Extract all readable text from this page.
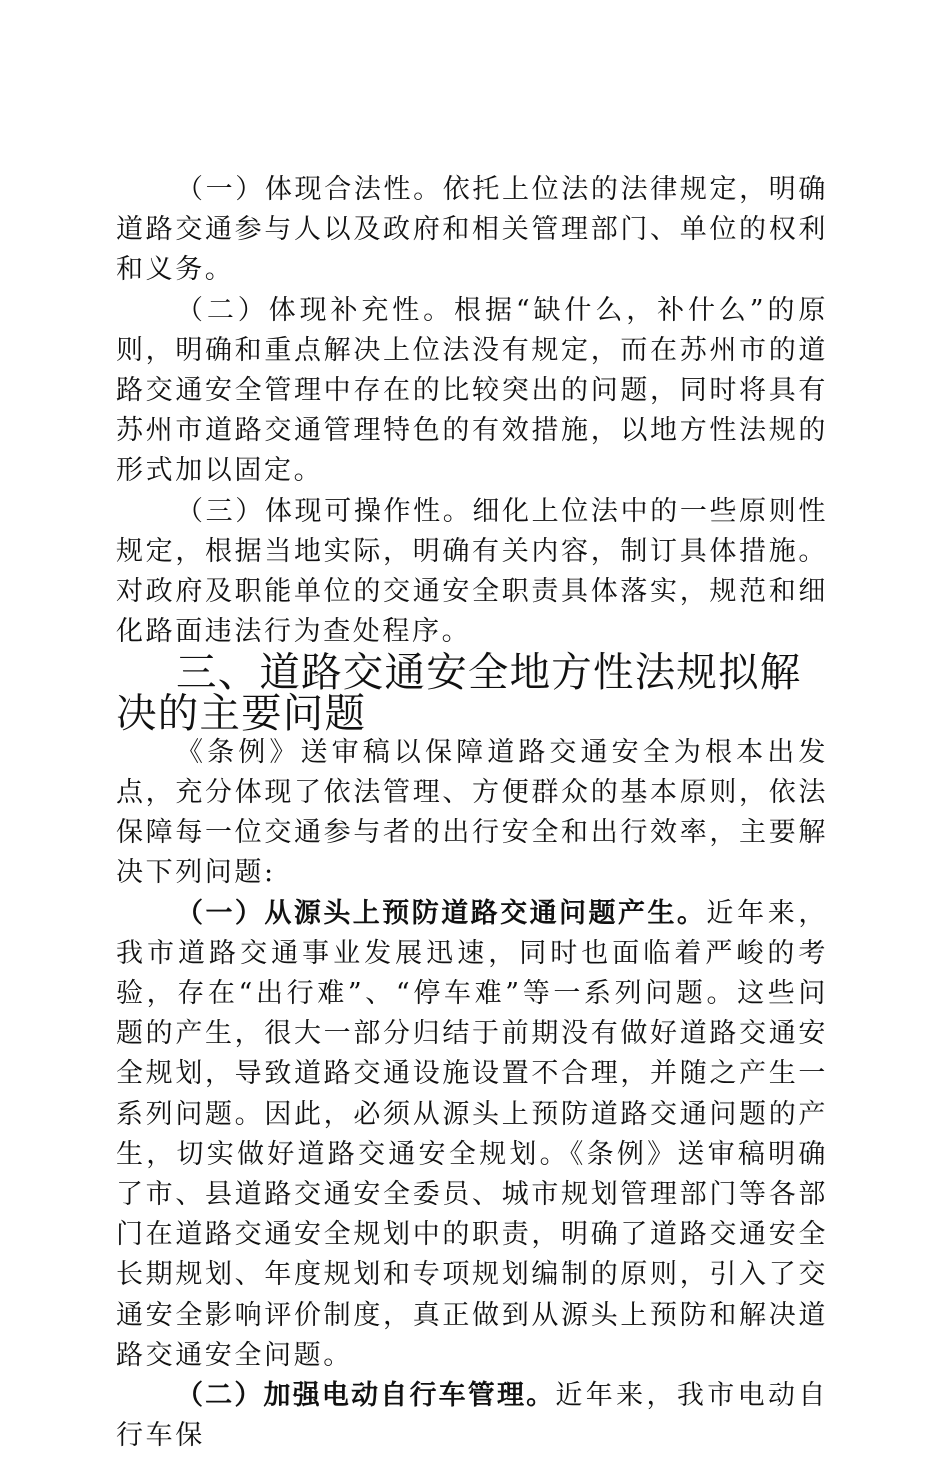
（一）体现合法性。依托上位法的法律规定，明确道路交通参与人以及政府和相关管理部门、单位的权利和义务。

（二）体现补充性。根据“缺什么，补什么”的原则，明确和重点解决上位法没有规定，而在苏州市的道路交通安全管理中存在的比较突出的问题，同时将具有苏州市道路交通管理特色的有效措施，以地方性法规的形式加以固定。

（三）体现可操作性。细化上位法中的一些原则性规定，根据当地实际，明确有关内容，制订具体措施。对政府及职能单位的交通安全职责具体落实，规范和细化路面违法行为查处程序。

三、道路交通安全地方性法规拟解决的主要问题

《条例》送审稿以保障道路交通安全为根本出发点，充分体现了依法管理、方便群众的基本原则，依法保障每一位交通参与者的出行安全和出行效率，主要解决下列问题:

（一）从源头上预防道路交通问题产生。近年来，我市道路交通事业发展迅速，同时也面临着严峻的考验，存在“出行难”、“停车难”等一系列问题。这些问题的产生，很大一部分归结于前期没有做好道路交通安全规划，导致道路交通设施设置不合理，并随之产生一系列问题。因此，必须从源头上预防道路交通问题的产生，切实做好道路交通安全规划。《条例》送审稿明确了市、县道路交通安全委员、城市规划管理部门等各部门在道路交通安全规划中的职责，明确了道路交通安全长期规划、年度规划和专项规划编制的原则，引入了交通安全影响评价制度，真正做到从源头上预防和解决道路交通安全问题。

（二）加强电动自行车管理。近年来，我市电动自行车保
